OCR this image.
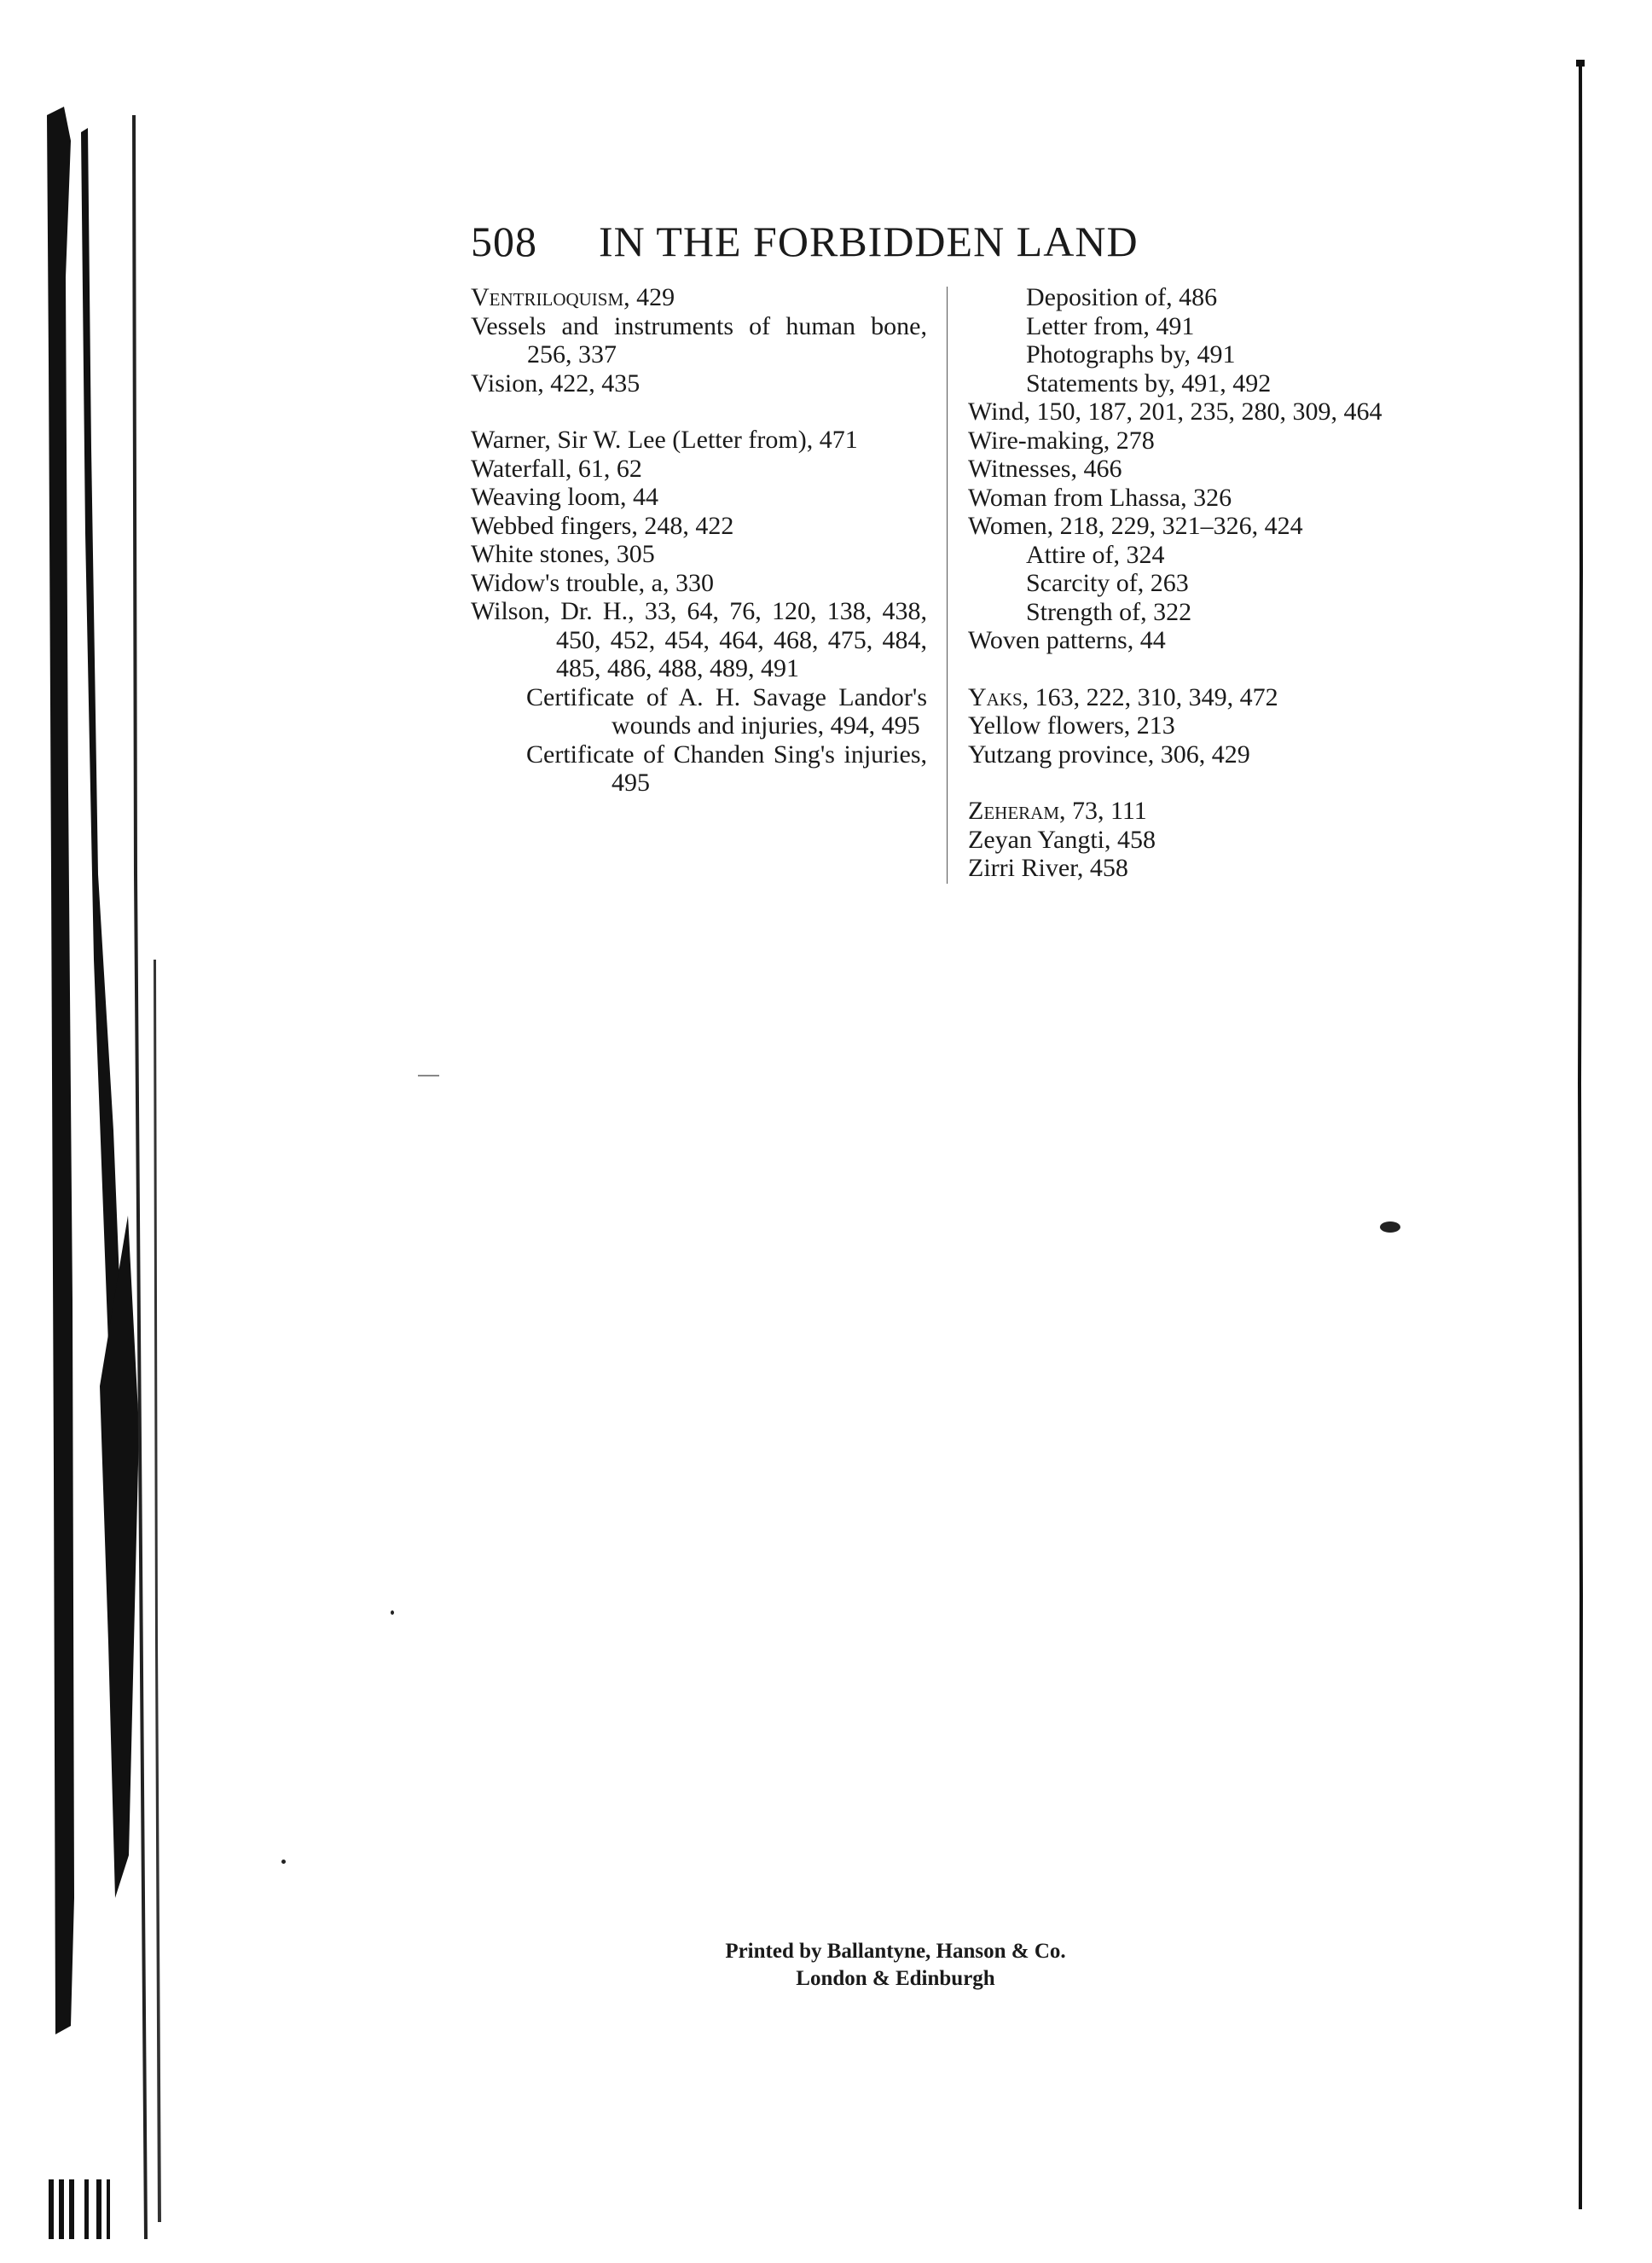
508 IN THE FORBIDDEN LAND
Ventriloquism, 429
Vessels and instruments of human bone, 256, 337
Vision, 422, 435
Warner, Sir W. Lee (Letter from), 471
Waterfall, 61, 62
Weaving loom, 44
Webbed fingers, 248, 422
White stones, 305
Widow's trouble, a, 330
Wilson, Dr. H., 33, 64, 76, 120, 138, 438, 450, 452, 454, 464, 468, 475, 484, 485, 486, 488, 489, 491
Certificate of A. H. Savage Landor's wounds and injuries, 494, 495
Certificate of Chanden Sing's injuries, 495
Deposition of, 486
Letter from, 491
Photographs by, 491
Statements by, 491, 492
Wind, 150, 187, 201, 235, 280, 309, 464
Wire-making, 278
Witnesses, 466
Woman from Lhassa, 326
Women, 218, 229, 321–326, 424
Attire of, 324
Scarcity of, 263
Strength of, 322
Woven patterns, 44
Yaks, 163, 222, 310, 349, 472
Yellow flowers, 213
Yutzang province, 306, 429
Zeheram, 73, 111
Zeyan Yangti, 458
Zirri River, 458
Printed by Ballantyne, Hanson & Co.
London & Edinburgh
